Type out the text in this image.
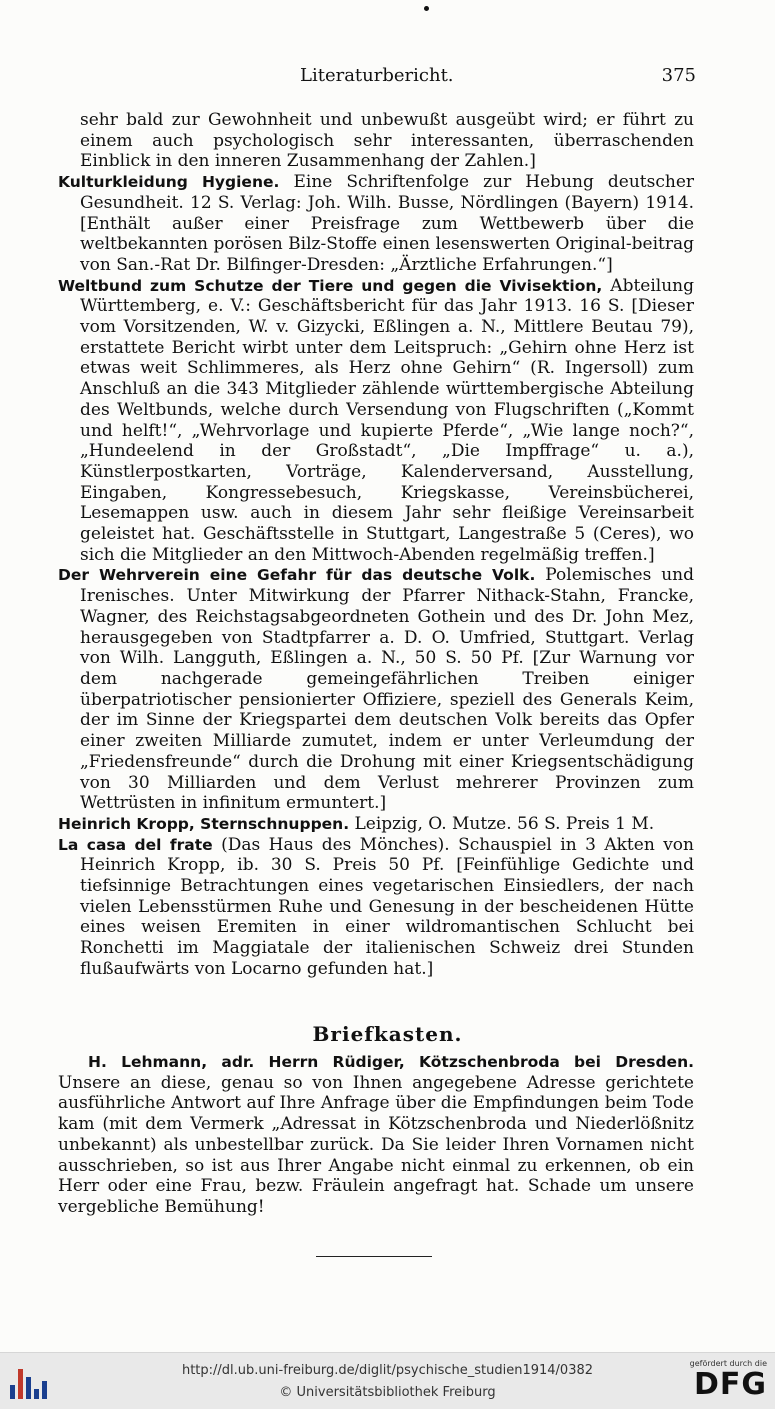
Literaturbericht.	375

sehr bald zur Gewohnheit und unbewußt ausgeübt wird; er führt zu einem auch psychologisch sehr interessanten, überraschenden Einblick in den inneren Zusammenhang der Zahlen.]

Kulturkleidung Hygiene. Eine Schriftenfolge zur Hebung deutscher Gesundheit. 12 S. Verlag: Joh. Wilh. Busse, Nördlingen (Bayern) 1914. [Enthält außer einer Preisfrage zum Wettbewerb über die weltbekannten porösen Bilz-Stoffe einen lesenswerten Original-beitrag von San.-Rat Dr. Bilfinger-Dresden: „Ärztliche Erfahrungen.“]

Weltbund zum Schutze der Tiere und gegen die Vivisektion, Abteilung Württemberg, e. V.: Geschäftsbericht für das Jahr 1913. 16 S. [Dieser vom Vorsitzenden, W. v. Gizycki, Eßlingen a. N., Mittlere Beutau 79), erstattete Bericht wirbt unter dem Leitspruch: „Gehirn ohne Herz ist etwas weit Schlimmeres, als Herz ohne Gehirn“ (R. Ingersoll) zum Anschluß an die 343 Mitglieder zählende württembergische Abteilung des Weltbunds, welche durch Versendung von Flugschriften („Kommt und helft!“, „Wehrvorlage und kupierte Pferde“, „Wie lange noch?“, „Hundeelend in der Großstadt“, „Die Impffrage“ u. a.), Künstlerpostkarten, Vorträge, Kalenderversand, Ausstellung, Eingaben, Kongressebesuch, Kriegskasse, Vereinsbücherei, Lesemappen usw. auch in diesem Jahr sehr fleißige Vereinsarbeit geleistet hat. Geschäftsstelle in Stuttgart, Langestraße 5 (Ceres), wo sich die Mitglieder an den Mittwoch-Abenden regelmäßig treffen.]

Der Wehrverein eine Gefahr für das deutsche Volk. Polemisches und Irenisches. Unter Mitwirkung der Pfarrer Nithack-Stahn, Francke, Wagner, des Reichstagsabgeordneten Gothein und des Dr. John Mez, herausgegeben von Stadtpfarrer a. D. O. Umfried, Stuttgart. Verlag von Wilh. Langguth, Eßlingen a. N., 50 S. 50 Pf. [Zur Warnung vor dem nachgerade gemeingefährlichen Treiben einiger überpatriotischer pensionierter Offiziere, speziell des Generals Keim, der im Sinne der Kriegspartei dem deutschen Volk bereits das Opfer einer zweiten Milliarde zumutet, indem er unter Verleumdung der „Friedensfreunde“ durch die Drohung mit einer Kriegsentschädigung von 30 Milliarden und dem Verlust mehrerer Provinzen zum Wettrüsten in infinitum ermuntert.]

Heinrich Kropp, Sternschnuppen. Leipzig, O. Mutze. 56 S. Preis 1 M.

La casa del frate (Das Haus des Mönches). Schauspiel in 3 Akten von Heinrich Kropp, ib. 30 S. Preis 50 Pf. [Feinfühlige Gedichte und tiefsinnige Betrachtungen eines vegetarischen Einsiedlers, der nach vielen Lebensstürmen Ruhe und Genesung in der bescheidenen Hütte eines weisen Eremiten in einer wildromantischen Schlucht bei Ronchetti im Maggiatale der italienischen Schweiz drei Stunden flußaufwärts von Locarno gefunden hat.]

Briefkasten.

H. Lehmann, adr. Herrn Rüdiger, Kötzschenbroda bei Dresden. Unsere an diese, genau so von Ihnen angegebene Adresse gerichtete ausführliche Antwort auf Ihre Anfrage über die Empfindungen beim Tode kam (mit dem Vermerk „Adressat in Kötzschenbroda und Niederlößnitz unbekannt) als unbestellbar zurück. Da Sie leider Ihren Vornamen nicht ausschrieben, so ist aus Ihrer Angabe nicht einmal zu erkennen, ob ein Herr oder eine Frau, bezw. Fräulein angefragt hat. Schade um unsere vergebliche Bemühung!

http://dl.ub.uni-freiburg.de/diglit/psychische_studien1914/0382
© Universitätsbibliothek Freiburg
gefördert durch die
DFG
